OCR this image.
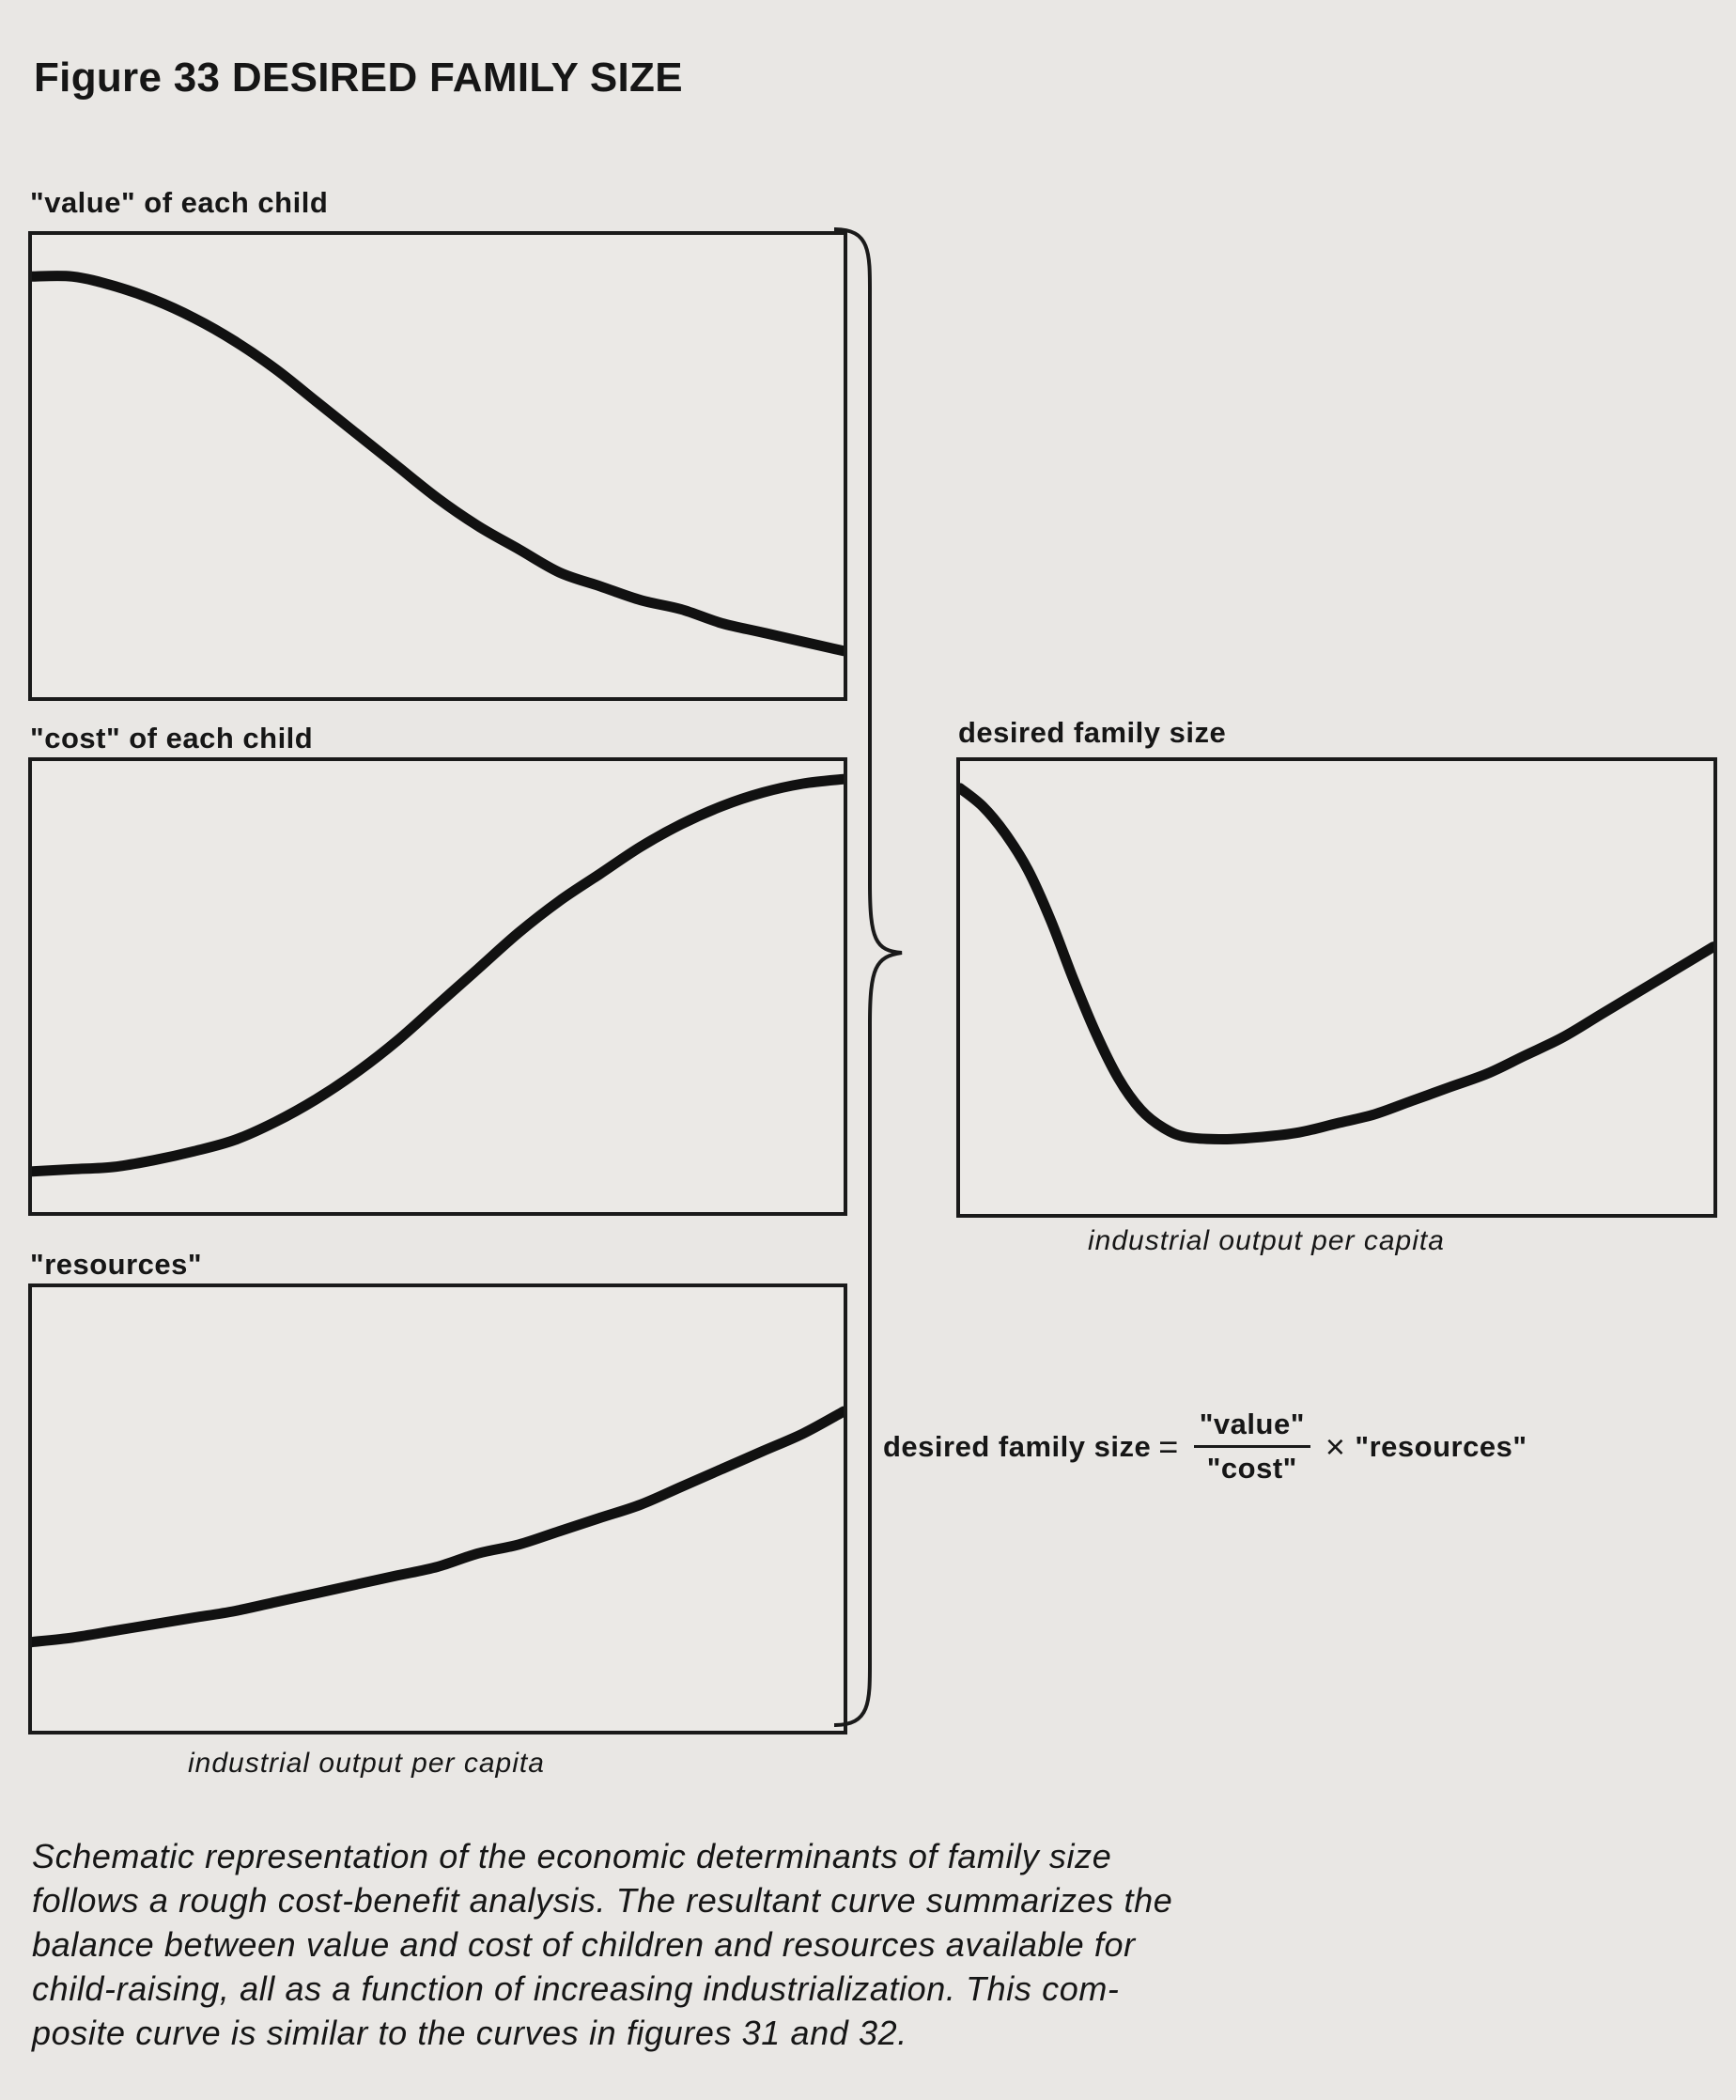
Figure 33 DESIRED FAMILY SIZE
"value" of each child
"cost" of each child
"resources"
industrial output per capita
desired family size
industrial output per capita
desired family size = $\frac{\text{"value"}}{"\cos t"}$ × "resources"
Schematic representation of the economic determinants of family size
follows a rough cost-benefit analysis. The resultant curve summarizes the
balance between value and cost of children and resources available for
child-raising, all as a function of increasing industrialization. This com-
posite curve is similar to the curves in figures 31 and 32.
